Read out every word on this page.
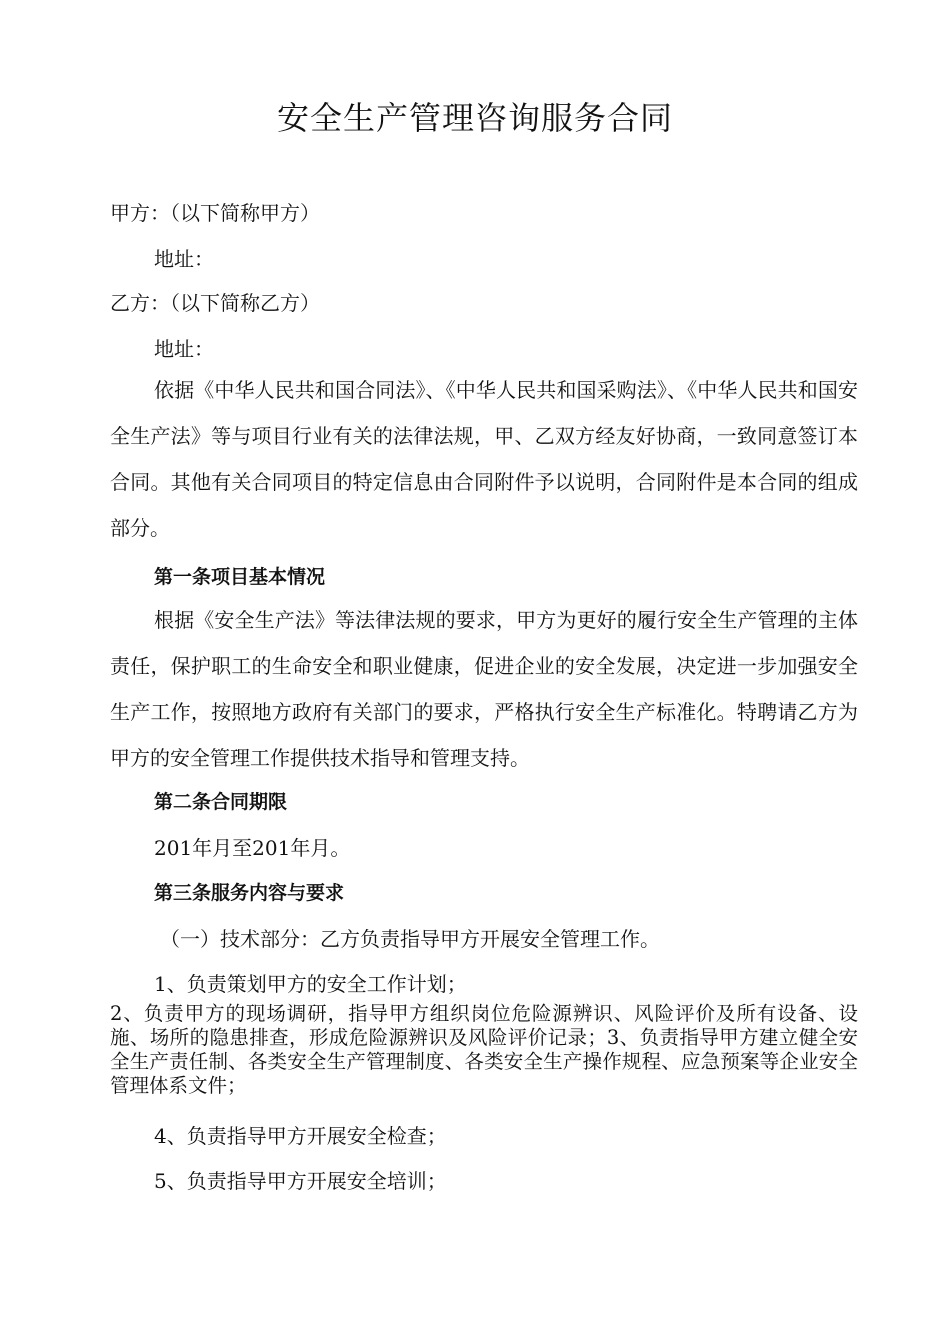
安全生产管理咨询服务合同
甲方：（以下简称甲方）
地址：
乙方：（以下简称乙方）
地址：
依据《中华人民共和国合同法》、《中华人民共和国采购法》、《中华人民共和国安全生产法》等与项目行业有关的法律法规，甲、乙双方经友好协商，一致同意签订本合同。其他有关合同项目的特定信息由合同附件予以说明，合同附件是本合同的组成部分。
第一条项目基本情况
根据《安全生产法》等法律法规的要求，甲方为更好的履行安全生产管理的主体责任，保护职工的生命安全和职业健康，促进企业的安全发展，决定进一步加强安全生产工作，按照地方政府有关部门的要求，严格执行安全生产标准化。特聘请乙方为甲方的安全管理工作提供技术指导和管理支持。
第二条合同期限
201年月至201年月。
第三条服务内容与要求
（一）技术部分：乙方负责指导甲方开展安全管理工作。
1、负责策划甲方的安全工作计划；
2、负责甲方的现场调研，指导甲方组织岗位危险源辨识、风险评价及所有设备、设施、场所的隐患排查，形成危险源辨识及风险评价记录；3、负责指导甲方建立健全安全生产责任制、各类安全生产管理制度、各类安全生产操作规程、应急预案等企业安全管理体系文件；
4、负责指导甲方开展安全检查；
5、负责指导甲方开展安全培训；
